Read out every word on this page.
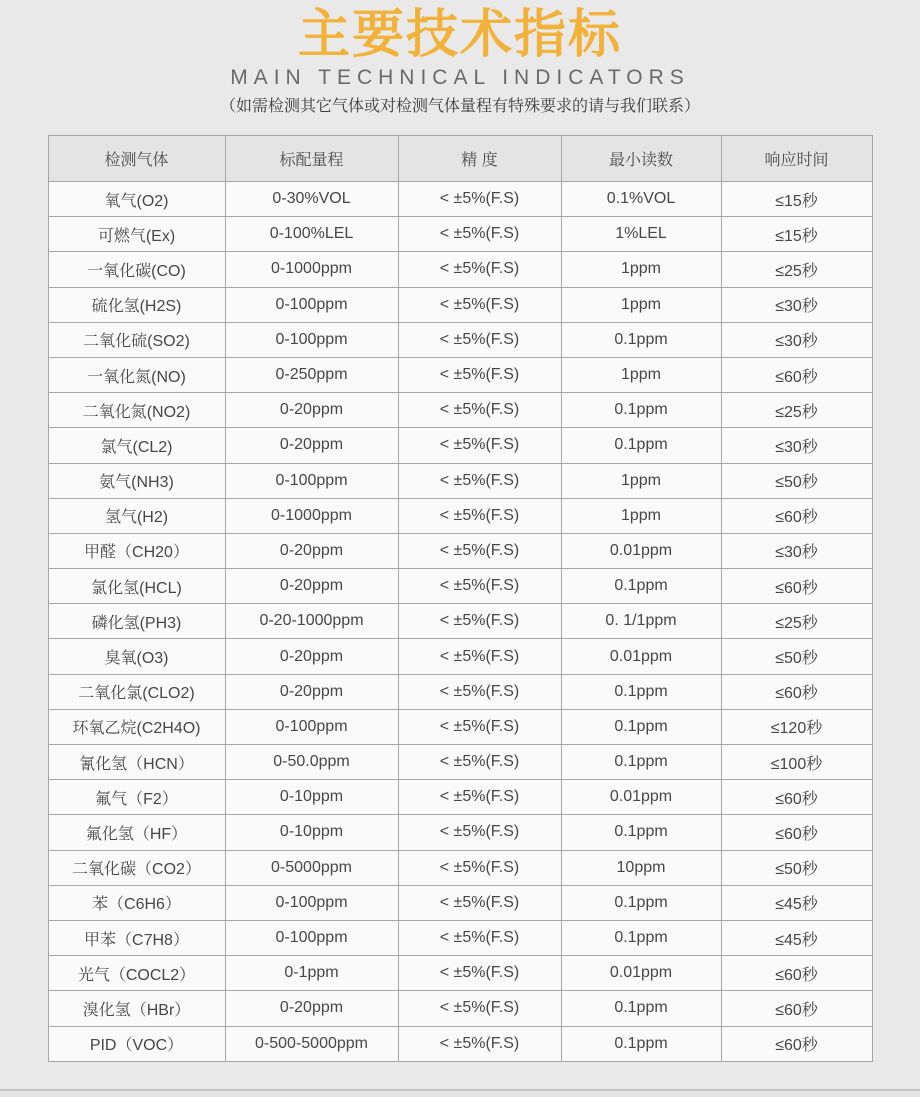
主要技术指标
MAIN TECHNICAL INDICATORS
（如需检测其它气体或对检测气体量程有特殊要求的请与我们联系）
检测气体	标配量程	精 度	最小读数	响应时间
氧气(O2)	0-30%VOL	< ±5%(F.S)	0.1%VOL	≤15秒
可燃气(Ex)	0-100%LEL	< ±5%(F.S)	1%LEL	≤15秒
一氧化碳(CO)	0-1000ppm	< ±5%(F.S)	1ppm	≤25秒
硫化氢(H2S)	0-100ppm	< ±5%(F.S)	1ppm	≤30秒
二氧化硫(SO2)	0-100ppm	< ±5%(F.S)	0.1ppm	≤30秒
一氧化氮(NO)	0-250ppm	< ±5%(F.S)	1ppm	≤60秒
二氧化氮(NO2)	0-20ppm	< ±5%(F.S)	0.1ppm	≤25秒
氯气(CL2)	0-20ppm	< ±5%(F.S)	0.1ppm	≤30秒
氨气(NH3)	0-100ppm	< ±5%(F.S)	1ppm	≤50秒
氢气(H2)	0-1000ppm	< ±5%(F.S)	1ppm	≤60秒
甲醛（CH20）	0-20ppm	< ±5%(F.S)	0.01ppm	≤30秒
氯化氢(HCL)	0-20ppm	< ±5%(F.S)	0.1ppm	≤60秒
磷化氢(PH3)	0-20-1000ppm	< ±5%(F.S)	0. 1/1ppm	≤25秒
臭氧(O3)	0-20ppm	< ±5%(F.S)	0.01ppm	≤50秒
二氧化氯(CLO2)	0-20ppm	< ±5%(F.S)	0.1ppm	≤60秒
环氧乙烷(C2H4O)	0-100ppm	< ±5%(F.S)	0.1ppm	≤120秒
氰化氢（HCN）	0-50.0ppm	< ±5%(F.S)	0.1ppm	≤100秒
氟气（F2）	0-10ppm	< ±5%(F.S)	0.01ppm	≤60秒
氟化氢（HF）	0-10ppm	< ±5%(F.S)	0.1ppm	≤60秒
二氧化碳（CO2）	0-5000ppm	< ±5%(F.S)	10ppm	≤50秒
苯（C6H6）	0-100ppm	< ±5%(F.S)	0.1ppm	≤45秒
甲苯（C7H8）	0-100ppm	< ±5%(F.S)	0.1ppm	≤45秒
光气（COCL2）	0-1ppm	< ±5%(F.S)	0.01ppm	≤60秒
溴化氢（HBr）	0-20ppm	< ±5%(F.S)	0.1ppm	≤60秒
PID（VOC）	0-500-5000ppm	< ±5%(F.S)	0.1ppm	≤60秒
